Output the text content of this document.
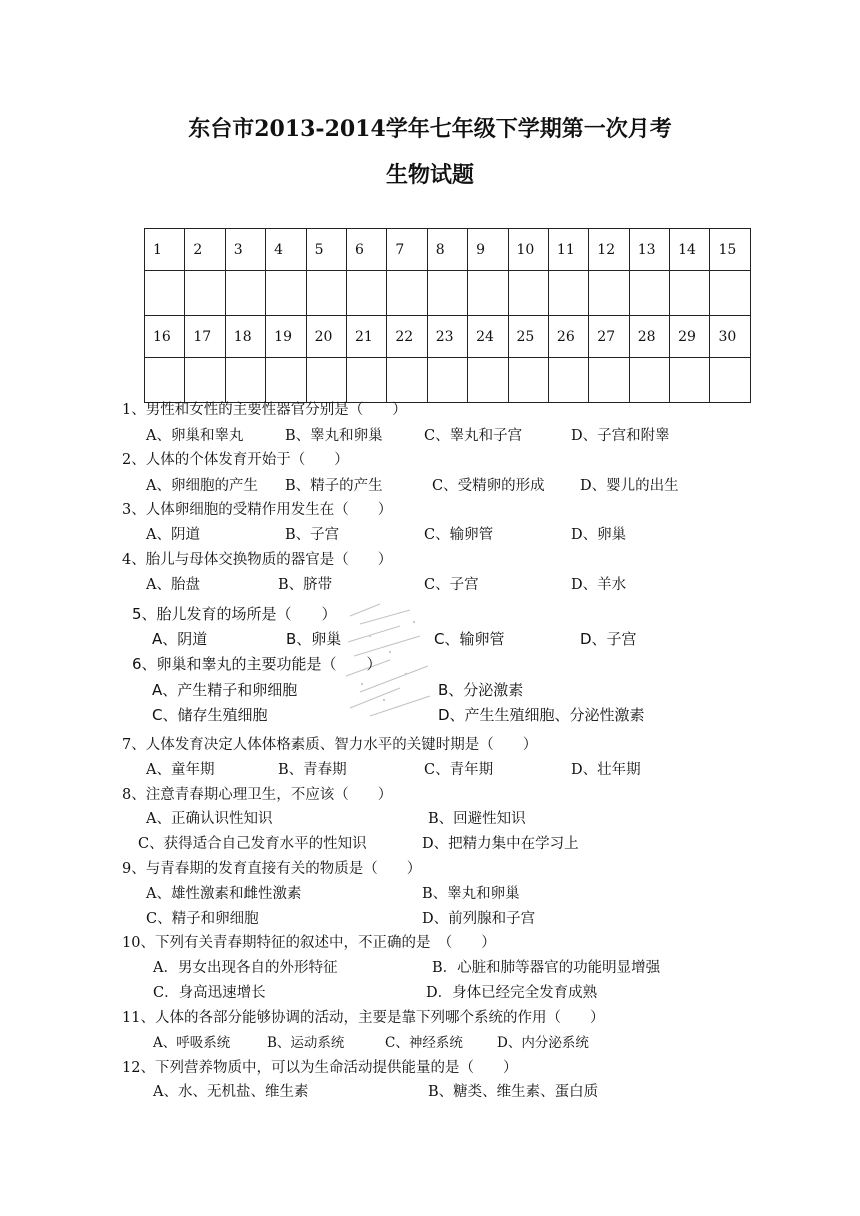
东台市2013-2014学年七年级下学期第一次月考
生物试题
1	2	3	4	5	6	7	8	9	10	11	12	13	14	15

16	17	18	19	20	21	22	23	24	25	26	27	28	29	30

1、男性和女性的主要性器官分别是（　　）
A、卵巢和睾丸	B、睾丸和卵巢	C、睾丸和子宫	D、子宫和附睾
2、人体的个体发育开始于（　　）
A、卵细胞的产生 B、精子的产生	C、受精卵的形成 D、婴儿的出生
3、人体卵细胞的受精作用发生在（　　）
A、阴道	B、子宫	C、输卵管	D、卵巢
4、胎儿与母体交换物质的器官是（　　）
A、胎盘	B、脐带	C、子宫	D、羊水
5、胎儿发育的场所是（　　）
A、阴道	B、卵巢	C、输卵管	D、子宫
6、卵巢和睾丸的主要功能是（　　）
A、产生精子和卵细胞	B、分泌激素
C、储存生殖细胞	D、产生生殖细胞、分泌性激素
7、人体发育决定人体体格素质、智力水平的关键时期是（　　）
A、童年期	B、青春期	C、青年期	D、壮年期
8、注意青春期心理卫生，不应该（　　）
A、正确认识性知识	B、回避性知识
C、获得适合自己发育水平的性知识	D、把精力集中在学习上
9、与青春期的发育直接有关的物质是（　　）
A、雄性激素和雌性激素	B、睾丸和卵巢
C、精子和卵细胞	D、前列腺和子宫
10、下列有关青春期特征的叙述中，不正确的是　（　　）
A．男女出现各自的外形特征	B．心脏和肺等器官的功能明显增强
C．身高迅速增长	D．身体已经完全发育成熟
11、人体的各部分能够协调的活动，主要是靠下列哪个系统的作用（　　）
A、呼吸系统	B、运动系统	C、神经系统	D、内分泌系统
12、下列营养物质中，可以为生命活动提供能量的是（　　）
A、水、无机盐、维生素	B、糖类、维生素、蛋白质
